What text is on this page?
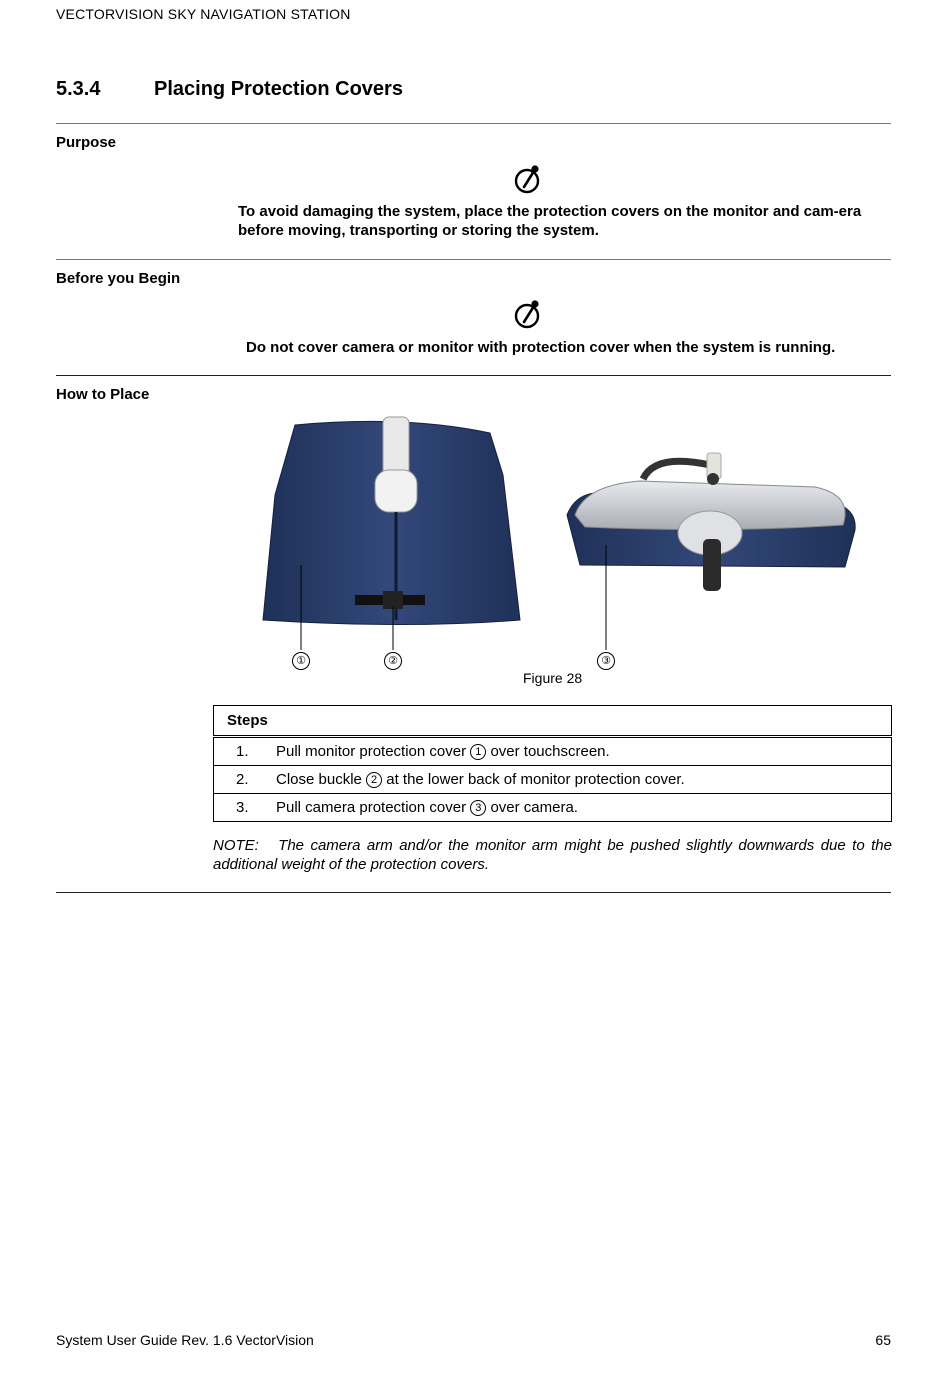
VECTORVISION SKY NAVIGATION STATION
5.3.4	Placing Protection Covers
Purpose
To avoid damaging the system, place the protection covers on the monitor and cam-era before moving, transporting or storing the system.
Before you Begin
Do not cover camera or monitor with protection cover when the system is running.
How to Place
①	②	③
Figure 28
Steps
1. Pull monitor protection cover 1 over touchscreen.
2. Close buckle 2 at the lower back of monitor protection cover.
3. Pull camera protection cover 3 over camera.
NOTE: The camera arm and/or the monitor arm might be pushed slightly downwards due to the additional weight of the protection covers.
System User Guide Rev. 1.6 VectorVision	65
